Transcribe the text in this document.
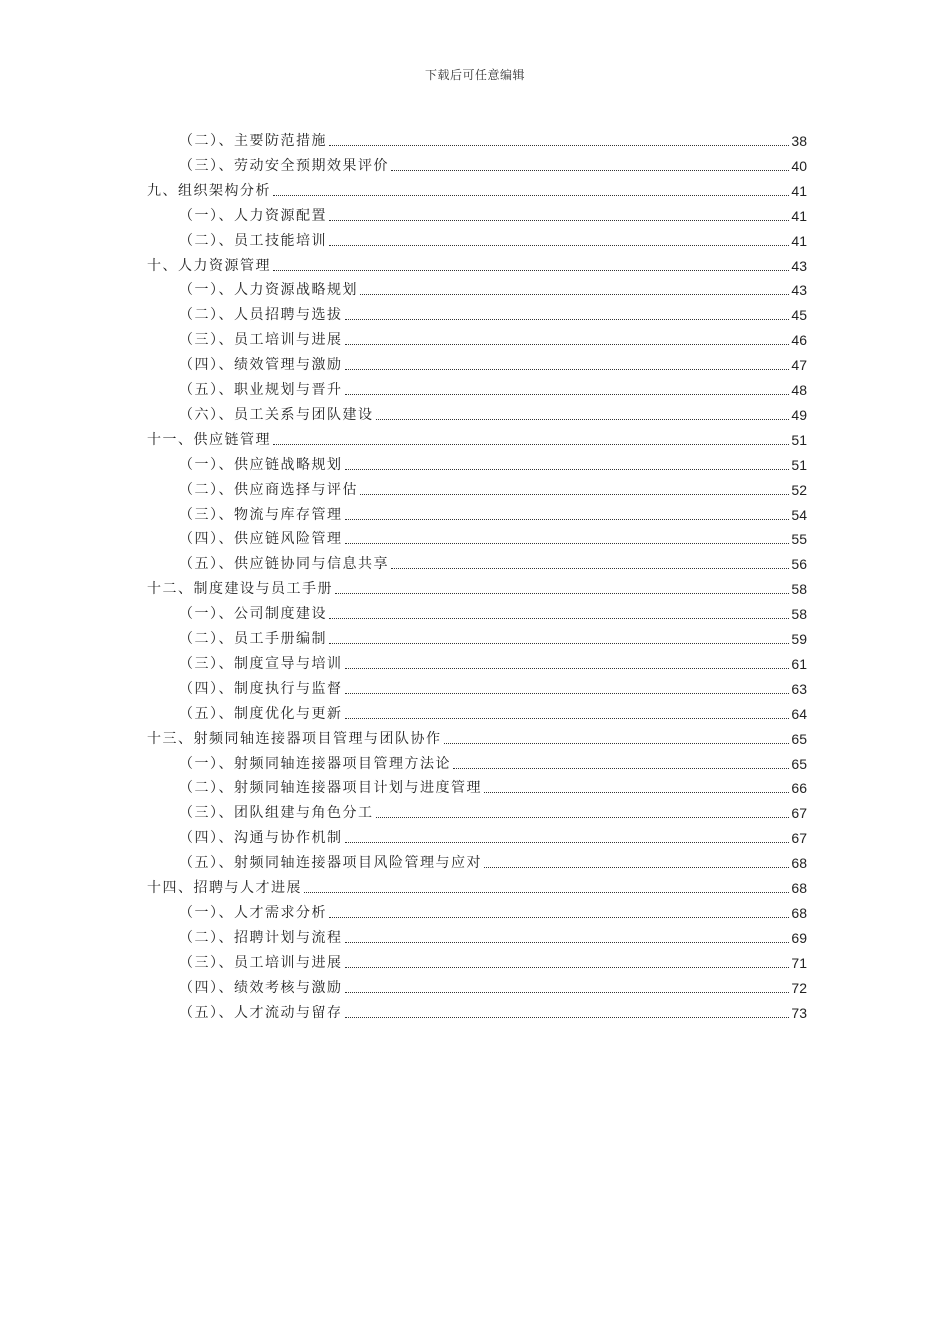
下载后可任意编辑
（二）、主要防范措施	38
（三）、劳动安全预期效果评价	40
九、组织架构分析	41
（一）、人力资源配置	41
（二）、员工技能培训	41
十、人力资源管理	43
（一）、人力资源战略规划	43
（二）、人员招聘与选拔	45
（三）、员工培训与进展	46
（四）、绩效管理与激励	47
（五）、职业规划与晋升	48
（六）、员工关系与团队建设	49
十一、供应链管理	51
（一）、供应链战略规划	51
（二）、供应商选择与评估	52
（三）、物流与库存管理	54
（四）、供应链风险管理	55
（五）、供应链协同与信息共享	56
十二、制度建设与员工手册	58
（一）、公司制度建设	58
（二）、员工手册编制	59
（三）、制度宣导与培训	61
（四）、制度执行与监督	63
（五）、制度优化与更新	64
十三、射频同轴连接器项目管理与团队协作	65
（一）、射频同轴连接器项目管理方法论	65
（二）、射频同轴连接器项目计划与进度管理	66
（三）、团队组建与角色分工	67
（四）、沟通与协作机制	67
（五）、射频同轴连接器项目风险管理与应对	68
十四、招聘与人才进展	68
（一）、人才需求分析	68
（二）、招聘计划与流程	69
（三）、员工培训与进展	71
（四）、绩效考核与激励	72
（五）、人才流动与留存	73
